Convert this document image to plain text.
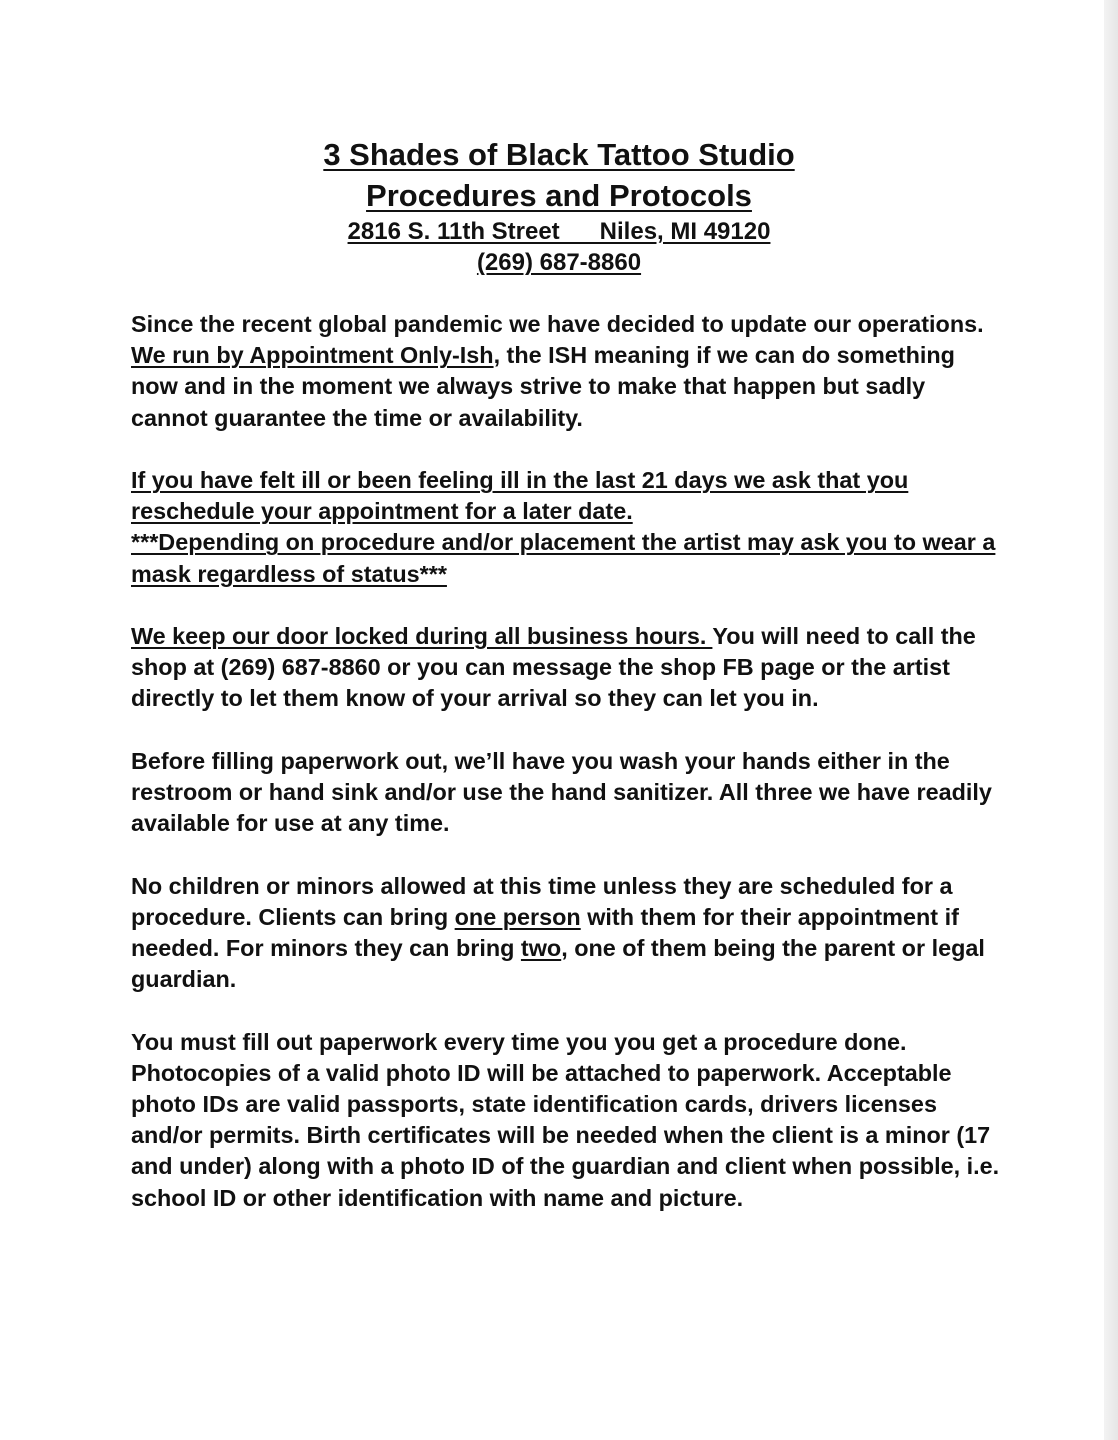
3 Shades of Black Tattoo Studio
Procedures and Protocols
2816 S. 11th Street      Niles, MI 49120
(269) 687-8860

Since the recent global pandemic we have decided to update our operations. We run by Appointment Only-Ish, the ISH meaning if we can do something now and in the moment we always strive to make that happen but sadly cannot guarantee the time or availability.

If you have felt ill or been feeling ill in the last 21 days we ask that you reschedule your appointment for a later date.
***Depending on procedure and/or placement the artist may ask you to wear a mask regardless of status***

We keep our door locked during all business hours. You will need to call the shop at (269) 687-8860 or you can message the shop FB page or the artist directly to let them know of your arrival so they can let you in.

Before filling paperwork out, we’ll have you wash your hands either in the restroom or hand sink and/or use the hand sanitizer. All three we have readily available for use at any time.

No children or minors allowed at this time unless they are scheduled for a procedure. Clients can bring one person with them for their appointment if needed. For minors they can bring two, one of them being the parent or legal guardian.

You must fill out paperwork every time you you get a procedure done. Photocopies of a valid photo ID will be attached to paperwork. Acceptable photo IDs are valid passports, state identification cards, drivers licenses and/or permits. Birth certificates will be needed when the client is a minor (17 and under) along with a photo ID of the guardian and client when possible, i.e. school ID or other identification with name and picture.
